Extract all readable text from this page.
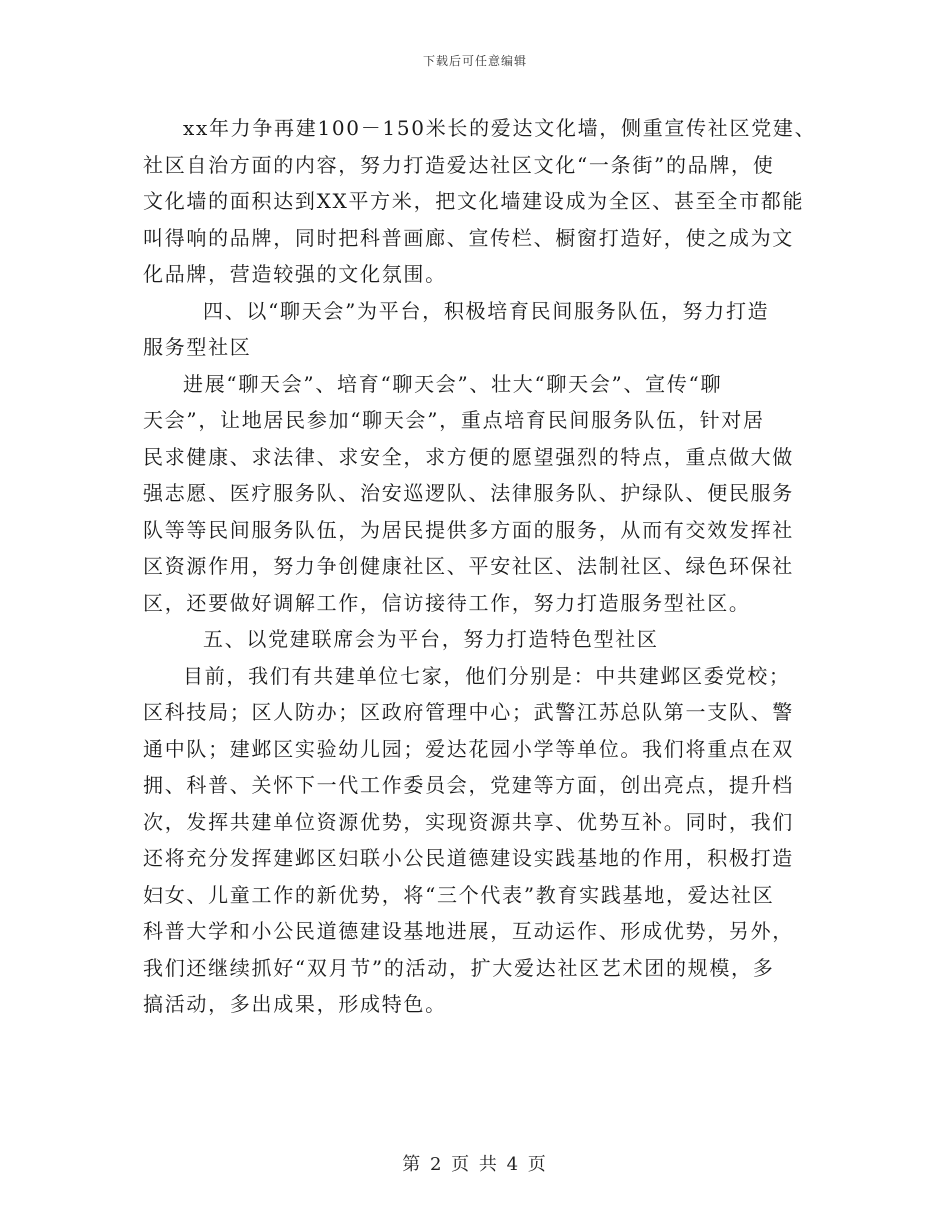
下载后可任意编辑
xx年力争再建100－150米长的爱达文化墙，侧重宣传社区党建、
社区自治方面的内容，努力打造爱达社区文化“一条街”的品牌，使
文化墙的面积达到XX平方米，把文化墙建设成为全区、甚至全市都能
叫得响的品牌，同时把科普画廊、宣传栏、橱窗打造好，使之成为文
化品牌，营造较强的文化氛围。
四、以“聊天会”为平台，积极培育民间服务队伍，努力打造
服务型社区
进展“聊天会”、培育“聊天会”、壮大“聊天会”、宣传“聊
天会”，让地居民参加“聊天会”，重点培育民间服务队伍，针对居
民求健康、求法律、求安全，求方便的愿望强烈的特点，重点做大做
强志愿、医疗服务队、治安巡逻队、法律服务队、护绿队、便民服务
队等等民间服务队伍，为居民提供多方面的服务，从而有交效发挥社
区资源作用，努力争创健康社区、平安社区、法制社区、绿色环保社
区，还要做好调解工作，信访接待工作，努力打造服务型社区。
五、以党建联席会为平台，努力打造特色型社区
目前，我们有共建单位七家，他们分别是：中共建邺区委党校；
区科技局；区人防办；区政府管理中心；武警江苏总队第一支队、警
通中队；建邺区实验幼儿园；爱达花园小学等单位。我们将重点在双
拥、科普、关怀下一代工作委员会，党建等方面，创出亮点，提升档
次，发挥共建单位资源优势，实现资源共享、优势互补。同时，我们
还将充分发挥建邺区妇联小公民道德建设实践基地的作用，积极打造
妇女、儿童工作的新优势，将“三个代表”教育实践基地，爱达社区
科普大学和小公民道德建设基地进展，互动运作、形成优势，另外，
我们还继续抓好“双月节”的活动，扩大爱达社区艺术团的规模，多
搞活动，多出成果，形成特色。
第 2 页 共 4 页
